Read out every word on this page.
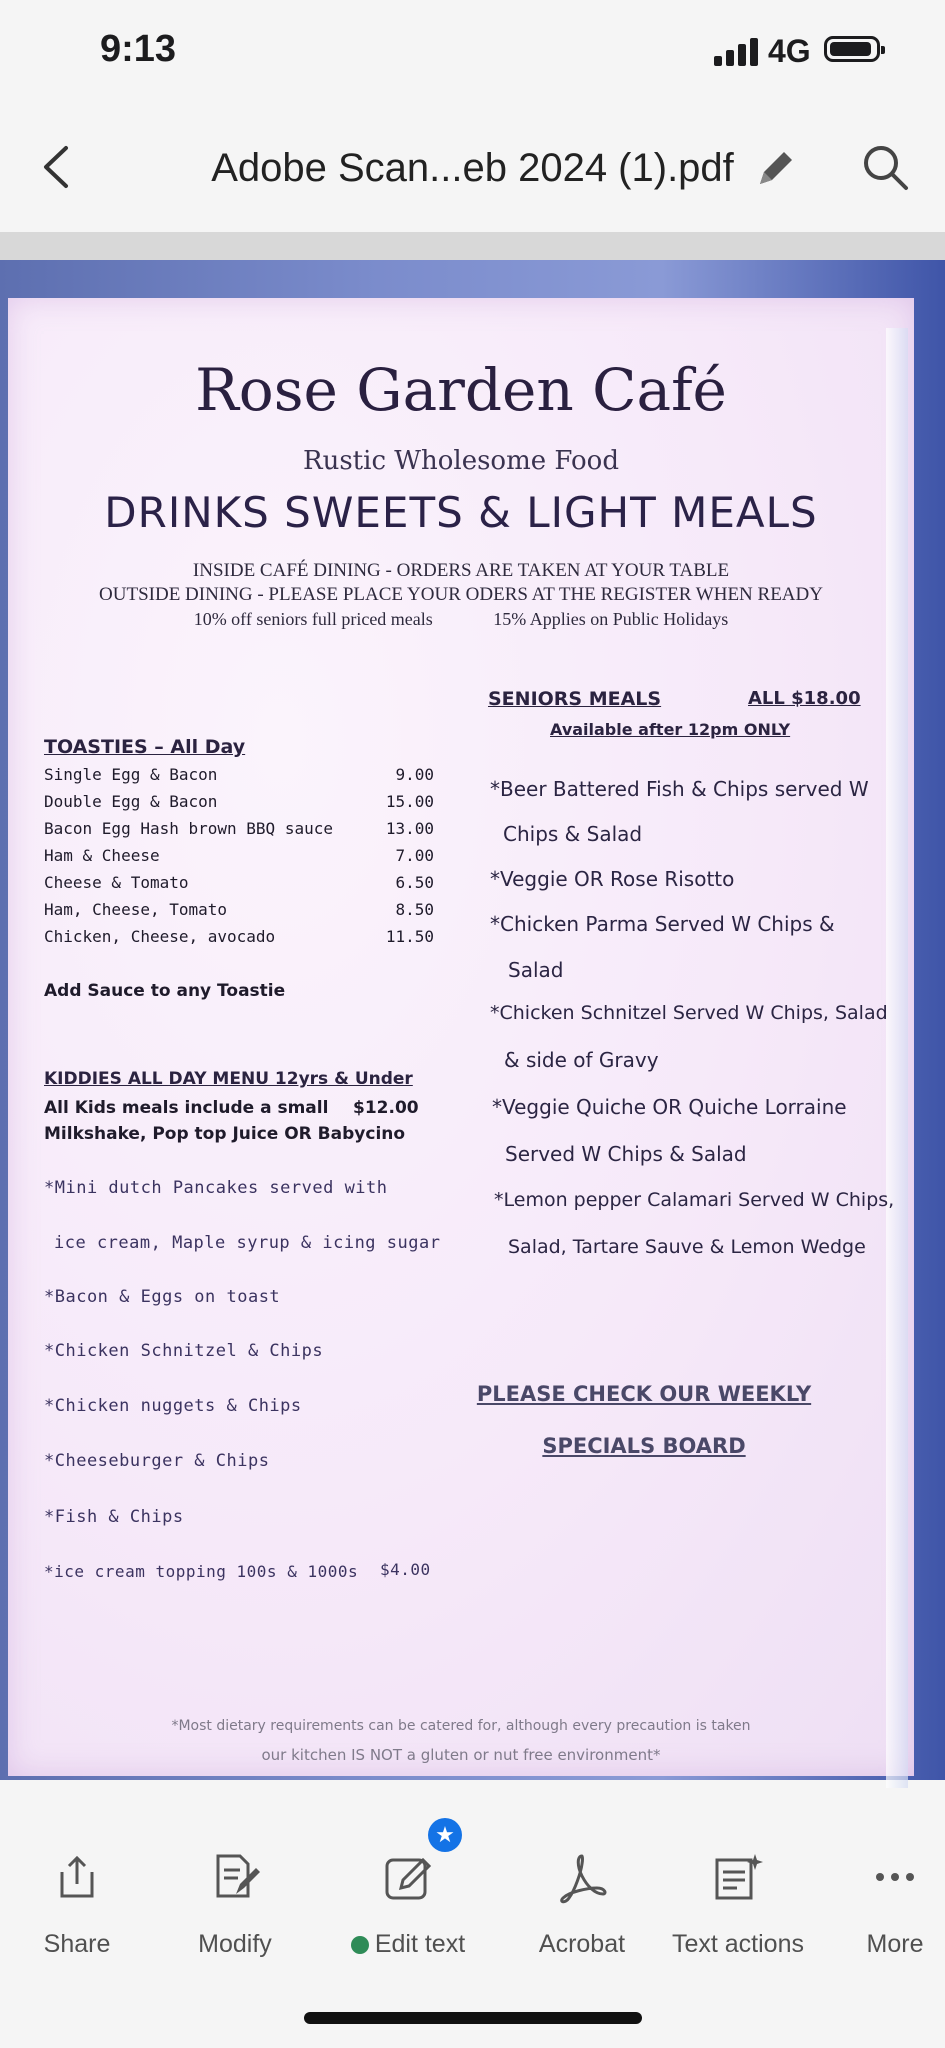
9:13	4G
Adobe Scan...eb 2024 (1).pdf
Rose Garden Café
Rustic Wholesome Food
DRINKS SWEETS & LIGHT MEALS
INSIDE CAFÉ DINING - ORDERS ARE TAKEN AT YOUR TABLE
OUTSIDE DINING - PLEASE PLACE YOUR ODERS AT THE REGISTER WHEN READY
10% off seniors full priced meals	15% Applies on Public Holidays
TOASTIES – All Day
Single Egg & Bacon	9.00
Double Egg & Bacon	15.00
Bacon Egg Hash brown BBQ sauce	13.00
Ham & Cheese	7.00
Cheese & Tomato	6.50
Ham, Cheese, Tomato	8.50
Chicken, Cheese, avocado	11.50
Add Sauce to any Toastie
KIDDIES ALL DAY MENU 12yrs & Under
All Kids meals include a small $12.00
Milkshake, Pop top Juice OR Babycino
*Mini dutch Pancakes served with
ice cream, Maple syrup & icing sugar
*Bacon & Eggs on toast
*Chicken Schnitzel & Chips
*Chicken nuggets & Chips
*Cheeseburger & Chips
*Fish & Chips
*ice cream topping 100s & 1000s $4.00
SENIORS MEALS	ALL $18.00
Available after 12pm ONLY
*Beer Battered Fish & Chips served W
Chips & Salad
*Veggie OR Rose Risotto
*Chicken Parma Served W Chips &
Salad
*Chicken Schnitzel Served W Chips, Salad
& side of Gravy
*Veggie Quiche OR Quiche Lorraine
Served W Chips & Salad
*Lemon pepper Calamari Served W Chips,
Salad, Tartare Sauve & Lemon Wedge
PLEASE CHECK OUR WEEKLY
SPECIALS BOARD
*Most dietary requirements can be catered for, although every precaution is taken
our kitchen IS NOT a gluten or nut free environment*
Share	Modify	Edit text	Acrobat	Text actions	More
★
